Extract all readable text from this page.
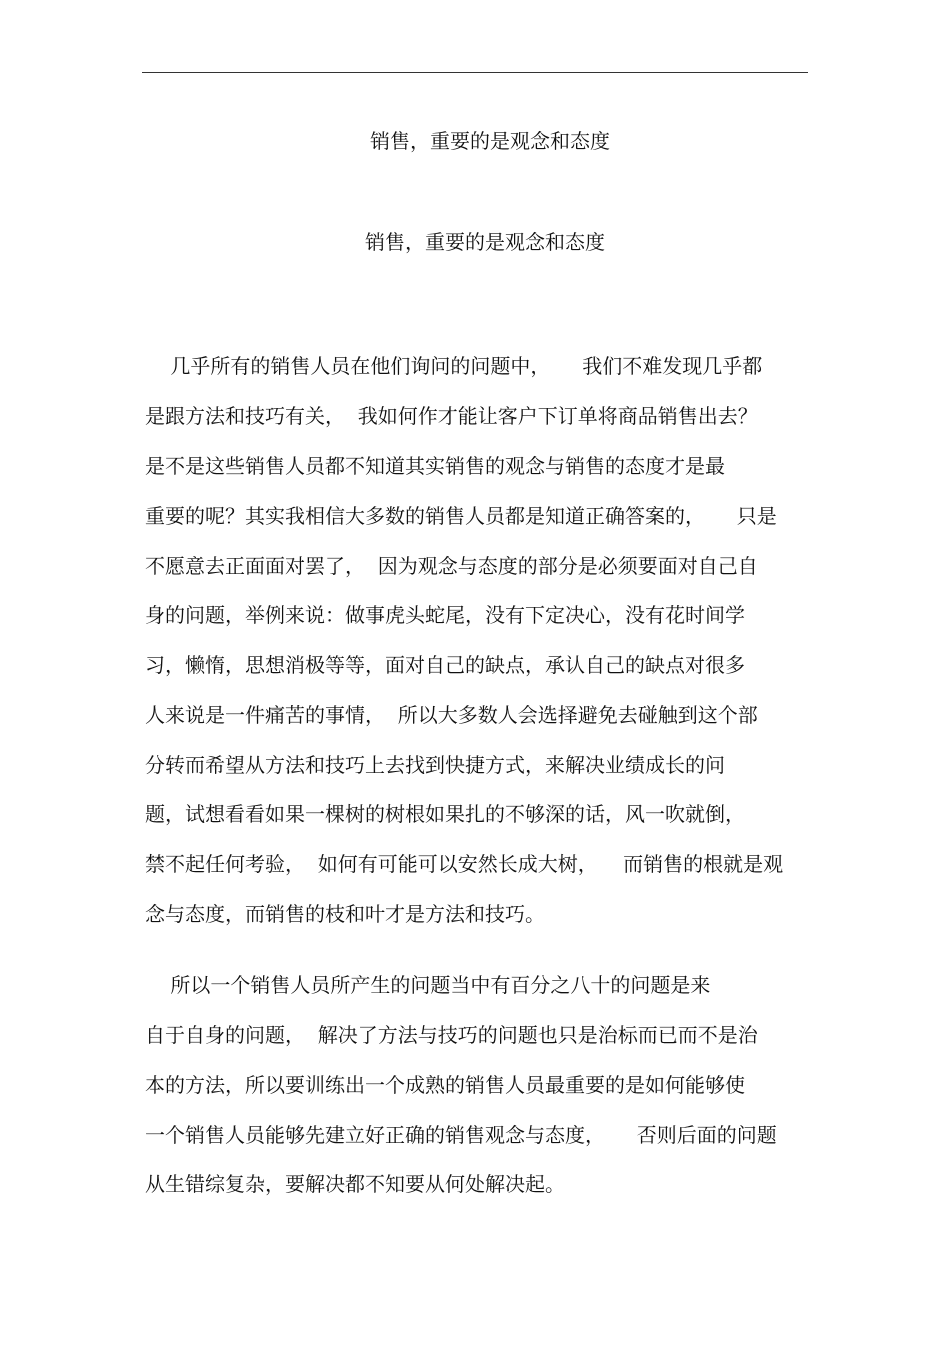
销售，重要的是观念和态度
销售，重要的是观念和态度
几乎所有的销售人员在他们询问的问题中，     我们不难发现几乎都
是跟方法和技巧有关，  我如何作才能让客户下订单将商品销售出去？
是不是这些销售人员都不知道其实销售的观念与销售的态度才是最
重要的呢？其实我相信大多数的销售人员都是知道正确答案的，     只是
不愿意去正面面对罢了，  因为观念与态度的部分是必须要面对自己自
身的问题，举例来说：做事虎头蛇尾，没有下定决心，没有花时间学
习，懒惰，思想消极等等，面对自己的缺点，承认自己的缺点对很多
人来说是一件痛苦的事情，  所以大多数人会选择避免去碰触到这个部
分转而希望从方法和技巧上去找到快捷方式，来解决业绩成长的问
题，试想看看如果一棵树的树根如果扎的不够深的话，风一吹就倒，
禁不起任何考验，  如何有可能可以安然长成大树，    而销售的根就是观
念与态度，而销售的枝和叶才是方法和技巧。
所以一个销售人员所产生的问题当中有百分之八十的问题是来
自于自身的问题，  解决了方法与技巧的问题也只是治标而已而不是治
本的方法，所以要训练出一个成熟的销售人员最重要的是如何能够使
一个销售人员能够先建立好正确的销售观念与态度，     否则后面的问题
从生错综复杂，要解决都不知要从何处解决起。
